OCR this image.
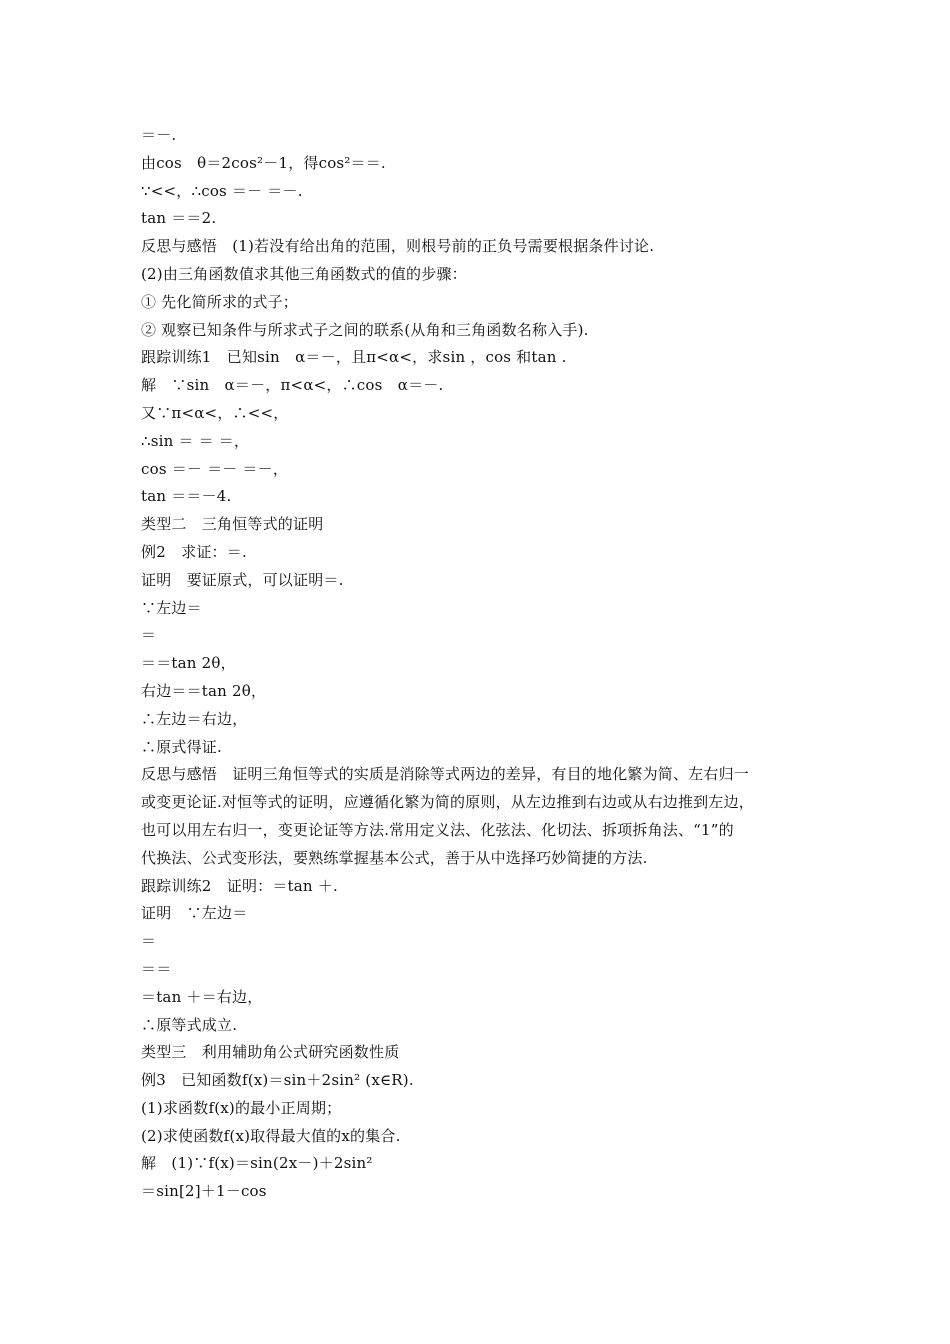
＝－.
由cos　θ＝2cos²－1，得cos²＝＝.
∵<<，∴cos ＝－ ＝－.
tan ＝＝2.
反思与感悟　(1)若没有给出角的范围，则根号前的正负号需要根据条件讨论.
(2)由三角函数值求其他三角函数式的值的步骤：
① 先化简所求的式子；
② 观察已知条件与所求式子之间的联系(从角和三角函数名称入手).
跟踪训练1　已知sin　α＝－，且π<α<，求sin ，cos 和tan .
解　∵sin　α＝－，π<α<，∴cos　α＝－.
又∵π<α<，∴<<，
∴sin ＝ ＝ ＝，
cos ＝－ ＝－ ＝－，
tan ＝＝－4.
类型二　三角恒等式的证明
例2　求证：＝.
证明　要证原式，可以证明＝.
∵左边＝
＝
＝＝tan 2θ，
右边＝＝tan 2θ，
∴左边＝右边，
∴原式得证.
反思与感悟　证明三角恒等式的实质是消除等式两边的差异，有目的地化繁为简、左右归一
或变更论证.对恒等式的证明，应遵循化繁为简的原则，从左边推到右边或从右边推到左边，
也可以用左右归一，变更论证等方法.常用定义法、化弦法、化切法、拆项拆角法、“1”的
代换法、公式变形法，要熟练掌握基本公式，善于从中选择巧妙简捷的方法.
跟踪训练2　证明：＝tan ＋.
证明　∵左边＝
＝
＝＝
＝tan ＋＝右边，
∴原等式成立.
类型三　利用辅助角公式研究函数性质
例3　已知函数f(x)＝sin＋2sin² (x∈R).
(1)求函数f(x)的最小正周期；
(2)求使函数f(x)取得最大值的x的集合.
解　(1)∵f(x)＝sin(2x－)＋2sin²
＝sin[2]＋1－cos
